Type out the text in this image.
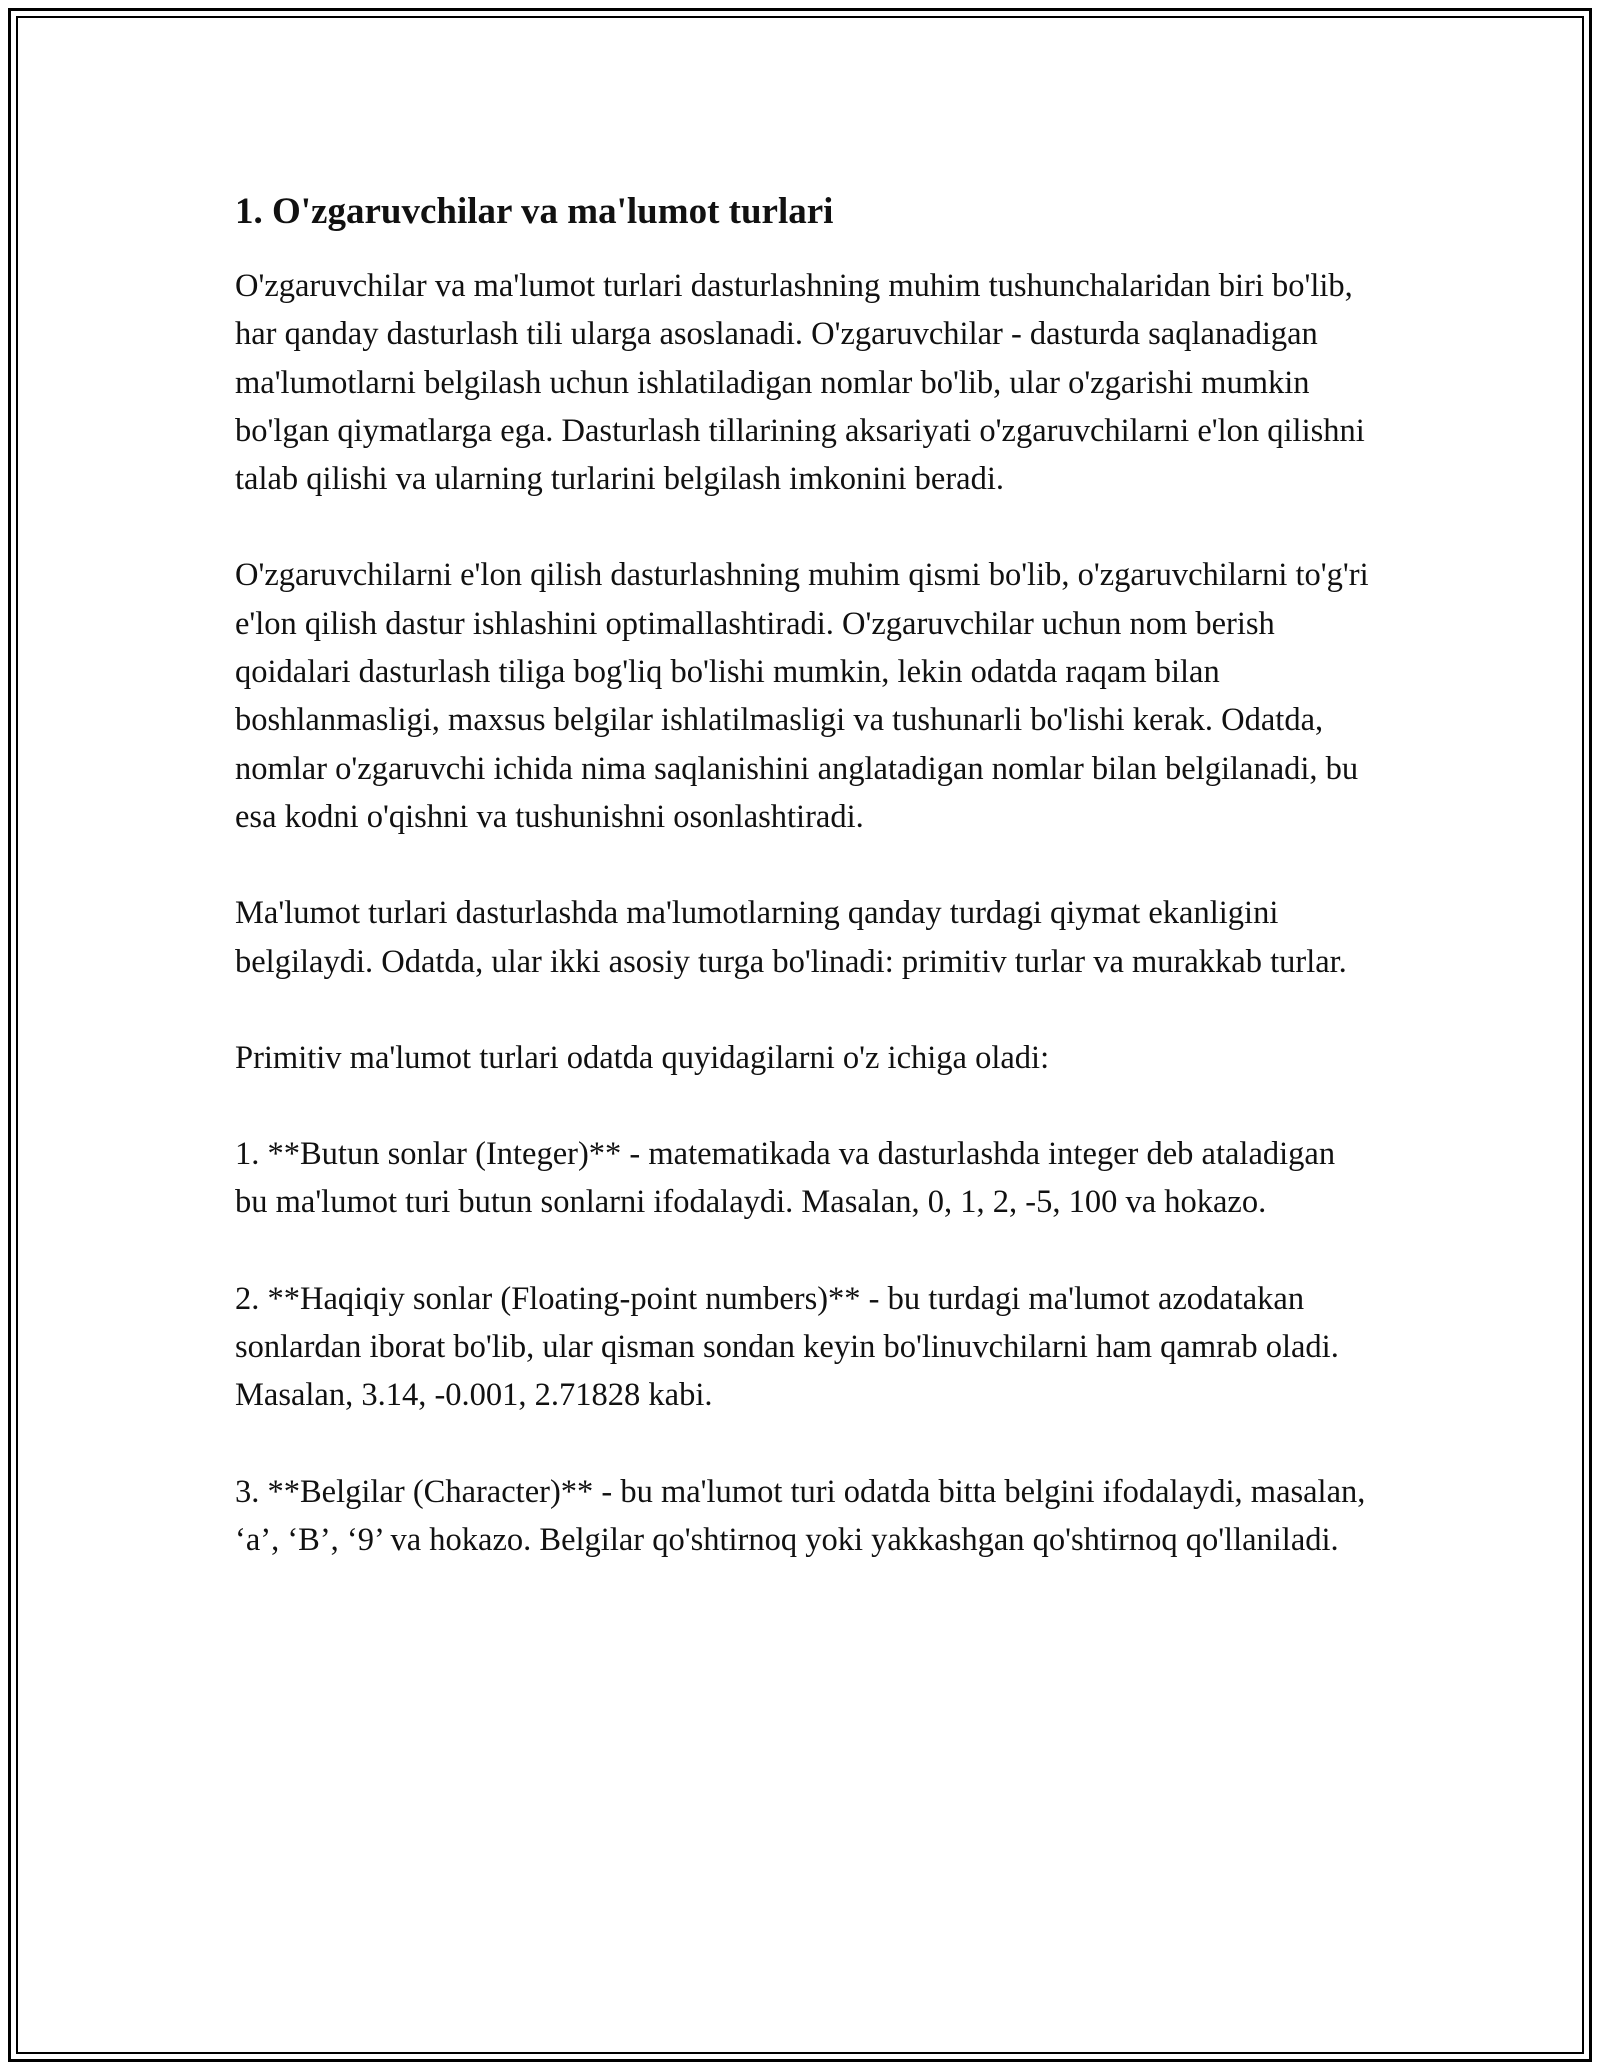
1. O'zgaruvchilar va ma'lumot turlari

O'zgaruvchilar va ma'lumot turlari dasturlashning muhim tushunchalaridan biri bo'lib, har qanday dasturlash tili ularga asoslanadi. O'zgaruvchilar - dasturda saqlanadigan ma'lumotlarni belgilash uchun ishlatiladigan nomlar bo'lib, ular o'zgarishi mumkin bo'lgan qiymatlarga ega. Dasturlash tillarining aksariyati o'zgaruvchilarni e'lon qilishni talab qilishi va ularning turlarini belgilash imkonini beradi.

O'zgaruvchilarni e'lon qilish dasturlashning muhim qismi bo'lib, o'zgaruvchilarni to'g'ri e'lon qilish dastur ishlashini optimallashtiradi. O'zgaruvchilar uchun nom berish qoidalari dasturlash tiliga bog'liq bo'lishi mumkin, lekin odatda raqam bilan boshlanmasligi, maxsus belgilar ishlatilmasligi va tushunarli bo'lishi kerak. Odatda, nomlar o'zgaruvchi ichida nima saqlanishini anglatadigan nomlar bilan belgilanadi, bu esa kodni o'qishni va tushunishni osonlashtiradi.

Ma'lumot turlari dasturlashda ma'lumotlarning qanday turdagi qiymat ekanligini belgilaydi. Odatda, ular ikki asosiy turga bo'linadi: primitiv turlar va murakkab turlar.

Primitiv ma'lumot turlari odatda quyidagilarni o'z ichiga oladi:

1. **Butun sonlar (Integer)** - matematikada va dasturlashda integer deb ataladigan bu ma'lumot turi butun sonlarni ifodalaydi. Masalan, 0, 1, 2, -5, 100 va hokazo.

2. **Haqiqiy sonlar (Floating-point numbers)** - bu turdagi ma'lumot azodatakan sonlardan iborat bo'lib, ular qisman sondan keyin bo'linuvchilarni ham qamrab oladi. Masalan, 3.14, -0.001, 2.71828 kabi.

3. **Belgilar (Character)** - bu ma'lumot turi odatda bitta belgini ifodalaydi, masalan, ‘a’, ‘B’, ‘9’ va hokazo. Belgilar qo'shtirnoq yoki yakkashgan qo'shtirnoq qo'llaniladi.
